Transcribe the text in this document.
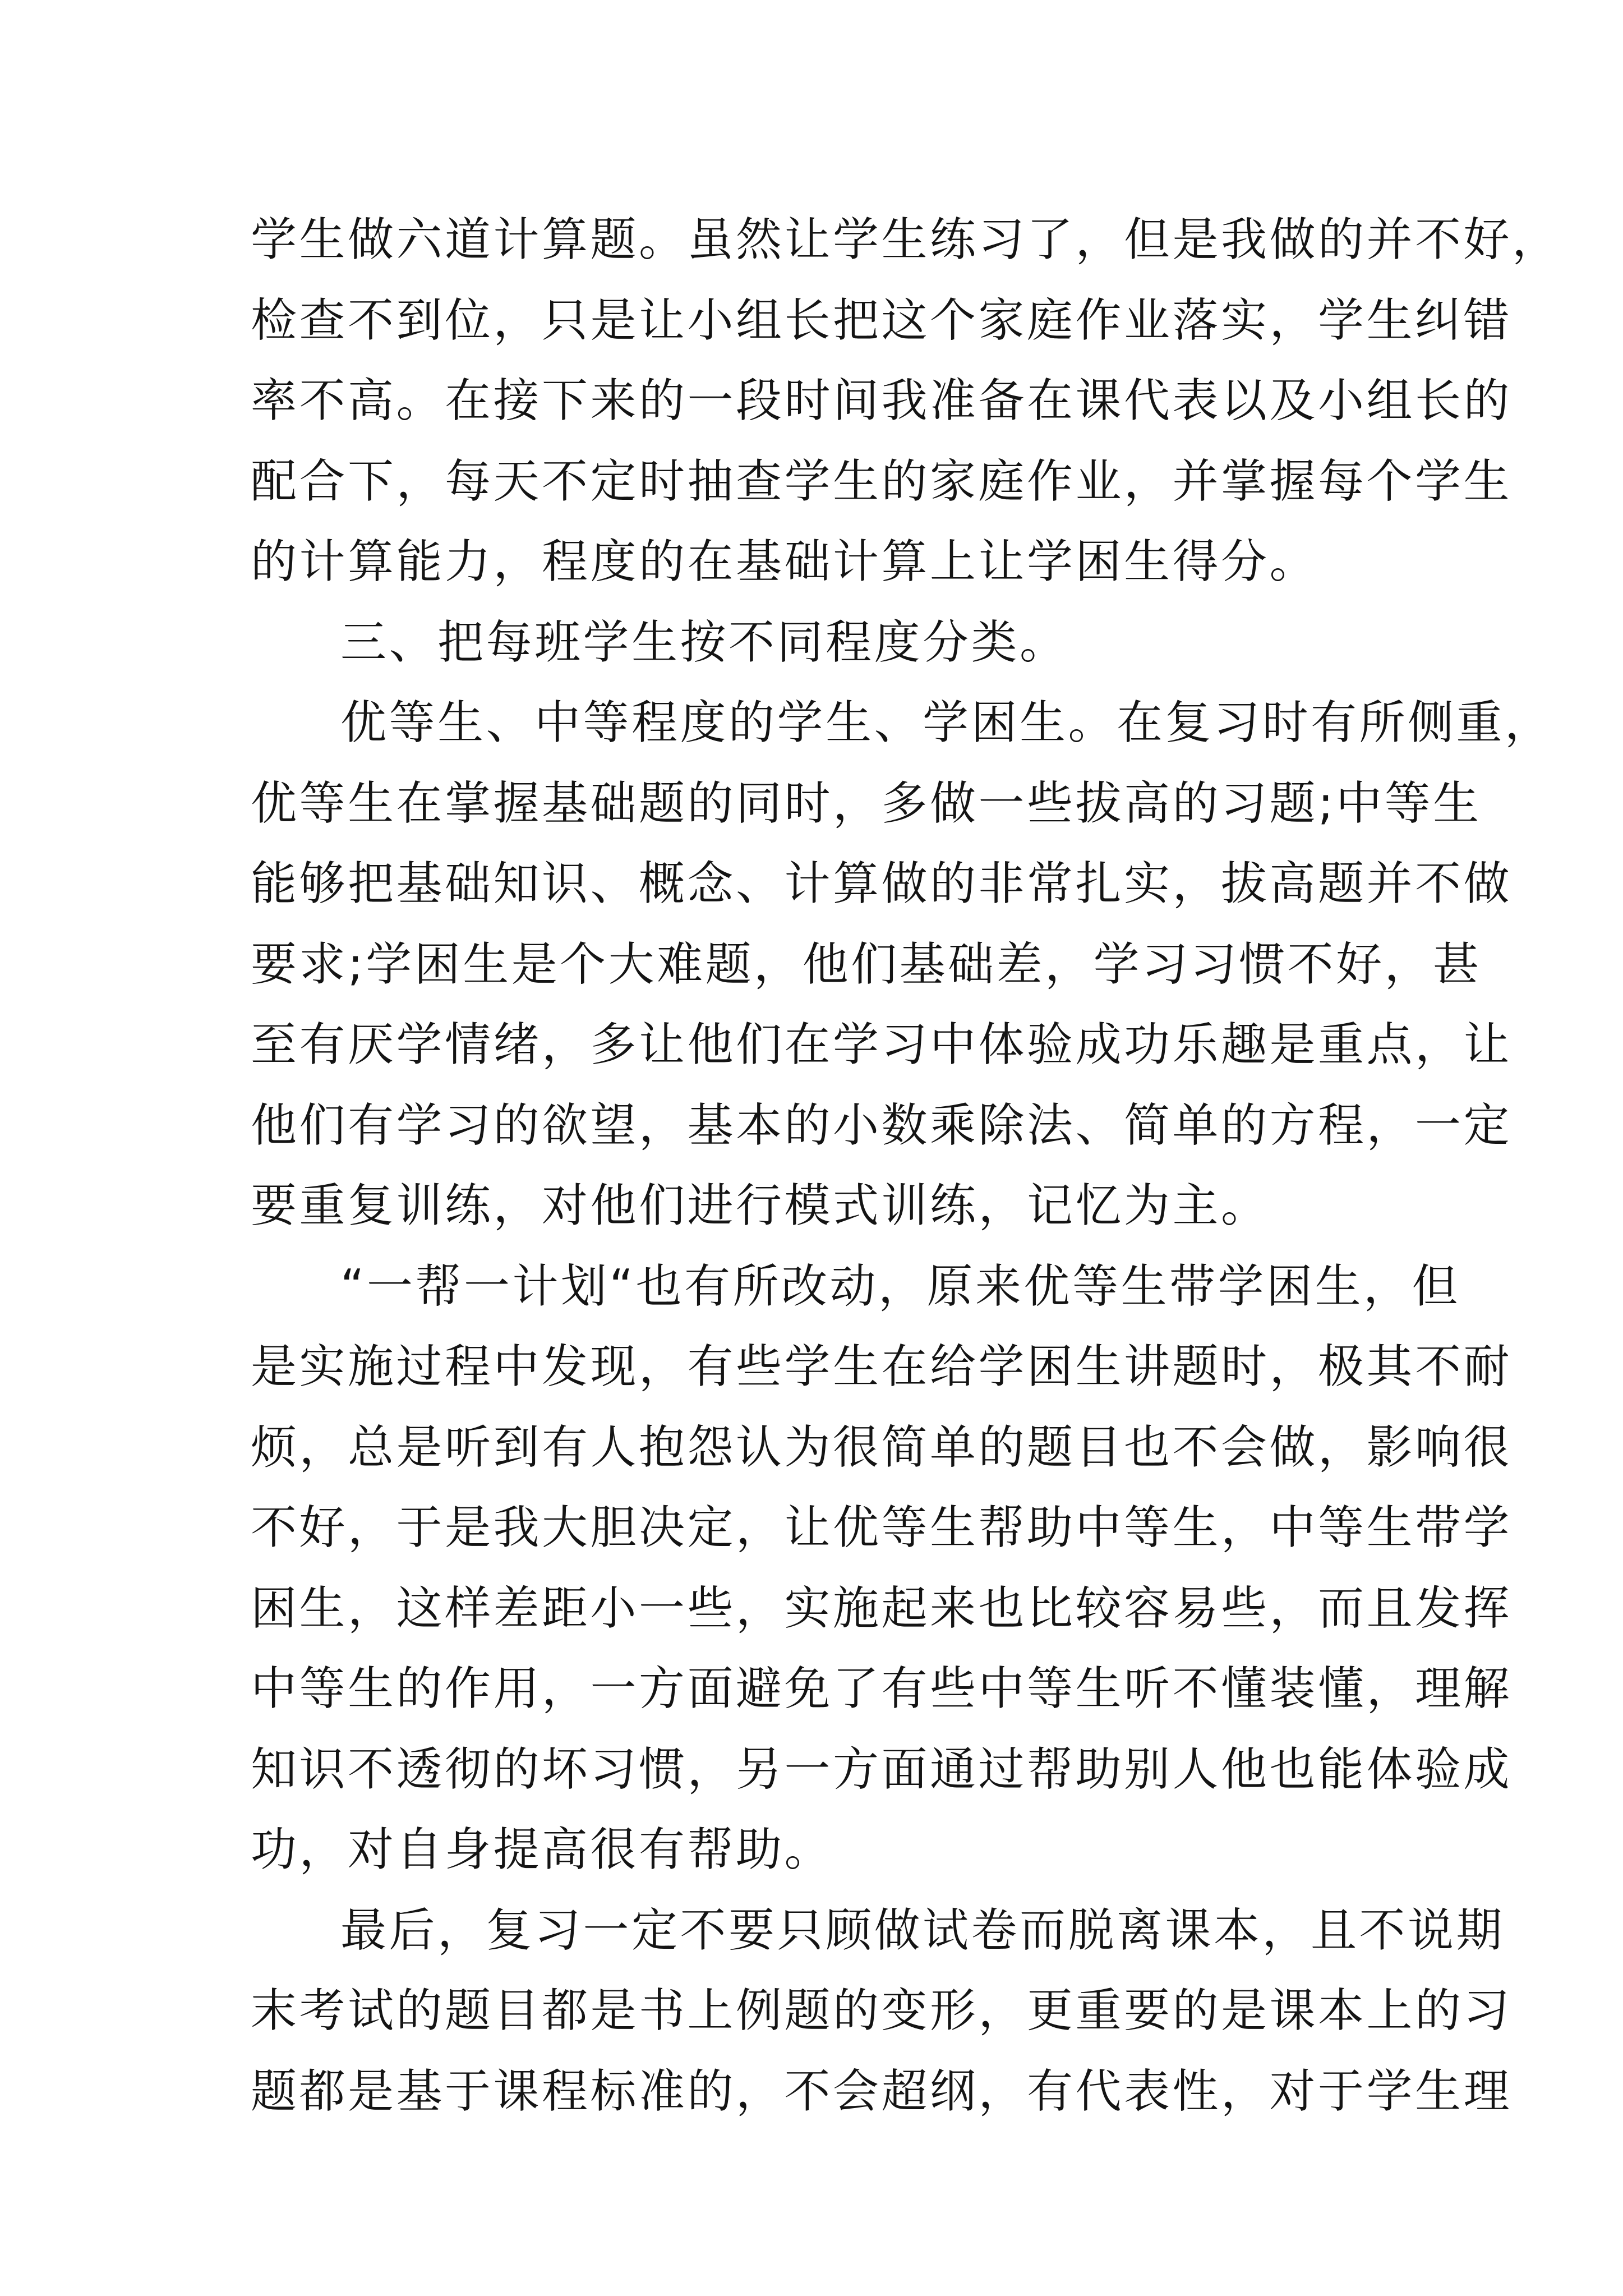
学生做六道计算题。虽然让学生练习了，但是我做的并不好，
检查不到位，只是让小组长把这个家庭作业落实，学生纠错
率不高。在接下来的一段时间我准备在课代表以及小组长的
配合下，每天不定时抽查学生的家庭作业，并掌握每个学生
的计算能力，程度的在基础计算上让学困生得分。
三、把每班学生按不同程度分类。
优等生、中等程度的学生、学困生。在复习时有所侧重，
优等生在掌握基础题的同时，多做一些拔高的习题;中等生
能够把基础知识、概念、计算做的非常扎实，拔高题并不做
要求;学困生是个大难题，他们基础差，学习习惯不好，甚
至有厌学情绪，多让他们在学习中体验成功乐趣是重点，让
他们有学习的欲望，基本的小数乘除法、简单的方程，一定
要重复训练，对他们进行模式训练，记忆为主。
“一帮一计划“也有所改动，原来优等生带学困生，但
是实施过程中发现，有些学生在给学困生讲题时，极其不耐
烦，总是听到有人抱怨认为很简单的题目也不会做，影响很
不好，于是我大胆决定，让优等生帮助中等生，中等生带学
困生，这样差距小一些，实施起来也比较容易些，而且发挥
中等生的作用，一方面避免了有些中等生听不懂装懂，理解
知识不透彻的坏习惯，另一方面通过帮助别人他也能体验成
功，对自身提高很有帮助。
最后，复习一定不要只顾做试卷而脱离课本，且不说期
末考试的题目都是书上例题的变形，更重要的是课本上的习
题都是基于课程标准的，不会超纲，有代表性，对于学生理
